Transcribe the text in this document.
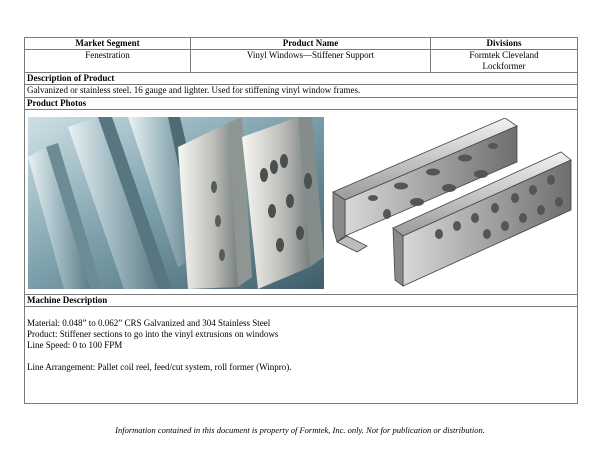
Market Segment	Product Name	Divisions
Fenestration	Vinyl Windows—Stiffener Support	Formtek Cleveland
Lockformer

Description of Product		
Galvanized or stainless steel. 16 gauge and lighter. Used for stiffening vinyl window frames.		
Product Photos		

Machine Description		

Material: 0.048” to 0.062” CRS Galvanized and 304 Stainless Steel

Product: Stiffener sections to go into the vinyl extrusions on windows

Line Speed: 0 to 100 FPM

Line Arrangement: Pallet coil reel, feed/cut system, roll former (Winpro).		

Information contained in this document is property of Formtek, Inc. only. Not for publication or distribution.
